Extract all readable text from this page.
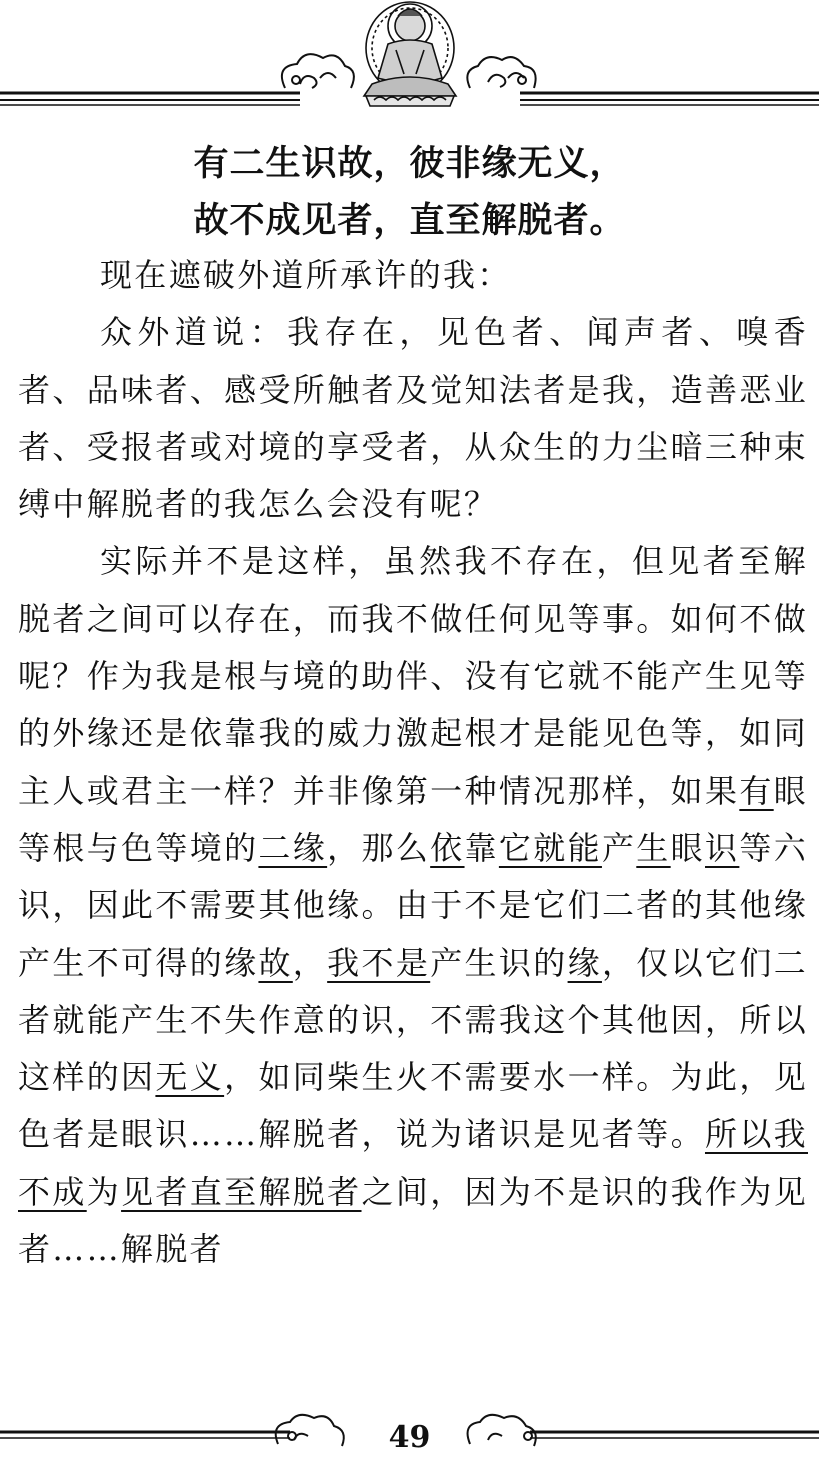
有二生识故，彼非缘无义，
故不成见者，直至解脱者。

现在遮破外道所承许的我：

众外道说：我存在，见色者、闻声者、嗅香者、品味者、感受所触者及觉知法者是我，造善恶业者、受报者或对境的享受者，从众生的力尘暗三种束缚中解脱者的我怎么会没有呢？

实际并不是这样，虽然我不存在，但见者至解脱者之间可以存在，而我不做任何见等事。如何不做呢？作为我是根与境的助伴、没有它就不能产生见等的外缘还是依靠我的威力激起根才是能见色等，如同主人或君主一样？并非像第一种情况那样，如果有眼等根与色等境的二缘，那么依靠它就能产生眼识等六识，因此不需要其他缘。由于不是它们二者的其他缘产生不可得的缘故，我不是产生识的缘，仅以它们二者就能产生不失作意的识，不需我这个其他因，所以这样的因无义，如同柴生火不需要水一样。为此，见色者是眼识……解脱者，说为诸识是见者等。所以我不成为见者直至解脱者之间，因为不是识的我作为见者……解脱者

49
